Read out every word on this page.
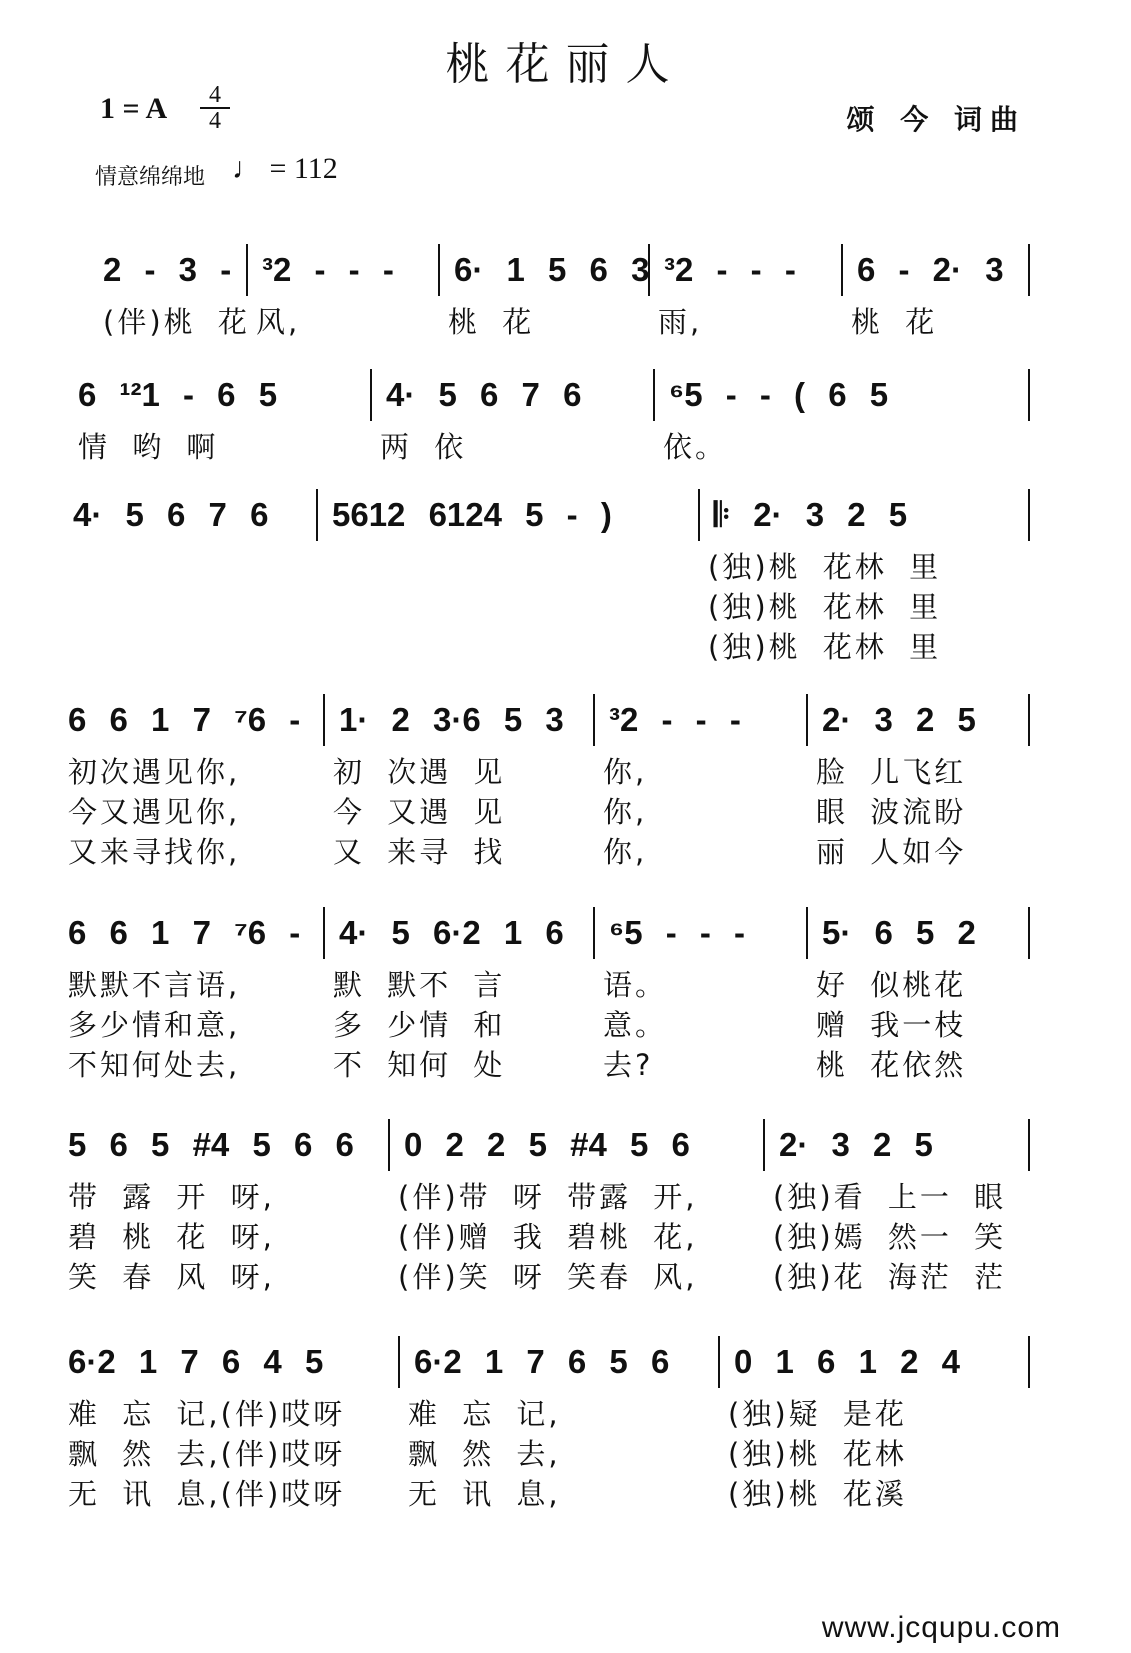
桃花丽人
1 = A	4
4	颂 今 词曲
情意绵绵地 ♩ = 112
2 - 3 - ³2 - - -	6· 1 5 6 3 ³2 - - -	6 - 2· 3
(伴)桃 花 风,	桃 花	雨,	桃 花
6 ¹²1 - 6 5	4· 5 6 7 6	⁶5 - - ( 6 5
情 哟 啊	两 依	依。
4· 5 6 7 6	5612 6124 5 - )	𝄆 2· 3 2 5
(独)桃 花林 里
(独)桃 花林 里
(独)桃 花林 里
6 6 1 7 ⁷6 -	1· 2 3·6 5 3	³2 - - -	2· 3 2 5
初次遇见你,	初 次遇 见	你,	脸 儿飞红
今又遇见你,	今 又遇 见	你,	眼 波流盼
又来寻找你,	又 来寻 找	你,	丽 人如今
6 6 1 7 ⁷6 -	4· 5 6·2 1 6	⁶5 - - -	5· 6 5 2
默默不言语,	默 默不 言	语。	好 似桃花
多少情和意,	多 少情 和	意。	赠 我一枝
不知何处去,	不 知何 处	去?	桃 花依然
5 6 5 #4 5 6 6	0 2 2 5 #4 5 6	2· 3 2 5
带 露 开 呀,	(伴)带 呀 带露 开,	(独)看 上一 眼
碧 桃 花 呀,	(伴)赠 我 碧桃 花,	(独)嫣 然一 笑
笑 春 风 呀,	(伴)笑 呀 笑春 风,	(独)花 海茫 茫
6·2 1 7 6 4 5	6·2 1 7 6 5 6	0 1 6 1 2 4
难 忘 记,(伴)哎呀	难 忘 记,	(独)疑 是花
飘 然 去,(伴)哎呀	飘 然 去,	(独)桃 花林
无 讯 息,(伴)哎呀	无 讯 息,	(独)桃 花溪
www.jcqupu.com
